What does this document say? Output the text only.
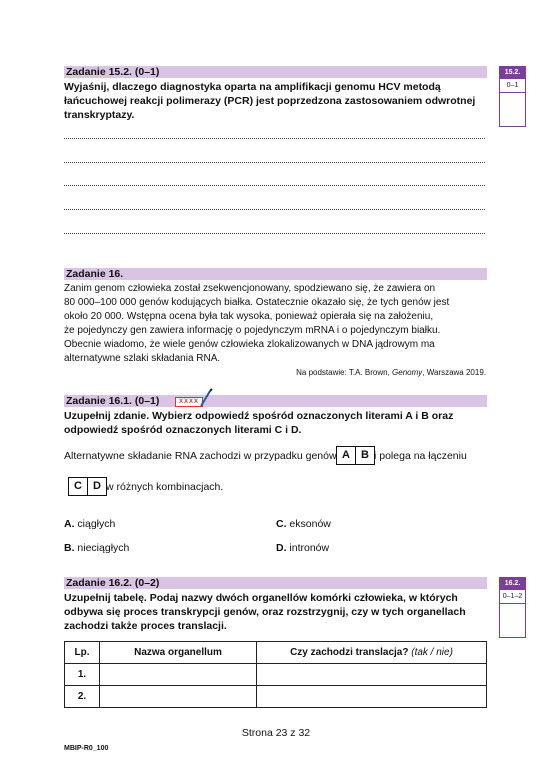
Zadanie 15.2. (0–1)
Wyjaśnij, dlaczego diagnostyka oparta na amplifikacji genomu HCV metodą
łańcuchowej reakcji polimerazy (PCR) jest poprzedzona zastosowaniem odwrotnej
transkryptazy.
15.2.
0–1
Zadanie 16.
Zanim genom człowieka został zsekwencjonowany, spodziewano się, że zawiera on
80 000–100 000 genów kodujących białka. Ostatecznie okazało się, że tych genów jest
około 20 000. Wstępna ocena była tak wysoka, ponieważ opierała się na założeniu,
że pojedynczy gen zawiera informację o pojedynczym mRNA i o pojedynczym białku.
Obecnie wiadomo, że wiele genów człowieka zlokalizowanych w DNA jądrowym ma
alternatywne szlaki składania RNA.
Na podstawie: T.A. Brown, Genomy, Warszawa 2019.
Zadanie 16.1. (0–1)	XXXX
Uzupełnij zdanie. Wybierz odpowiedź spośród oznaczonych literami A i B oraz
odpowiedź spośród oznaczonych literami C i D.
Alternatywne składanie RNA zachodzi w przypadku genów A	B i polega na łączeniu
C	D w różnych kombinacjach.
A. ciągłych	C. eksonów
B. nieciągłych	D. intronów
Zadanie 16.2. (0–2)
Uzupełnij tabelę. Podaj nazwy dwóch organellów komórki człowieka, w których
odbywa się proces transkrypcji genów, oraz rozstrzygnij, czy w tych organellach
zachodzi także proces translacji.
16.2.
0–1–2
Lp.	Nazwa organellum	Czy zachodzi translacja? (tak / nie)
1.		
2.		
Strona 23 z 32
MBIP-R0_100
